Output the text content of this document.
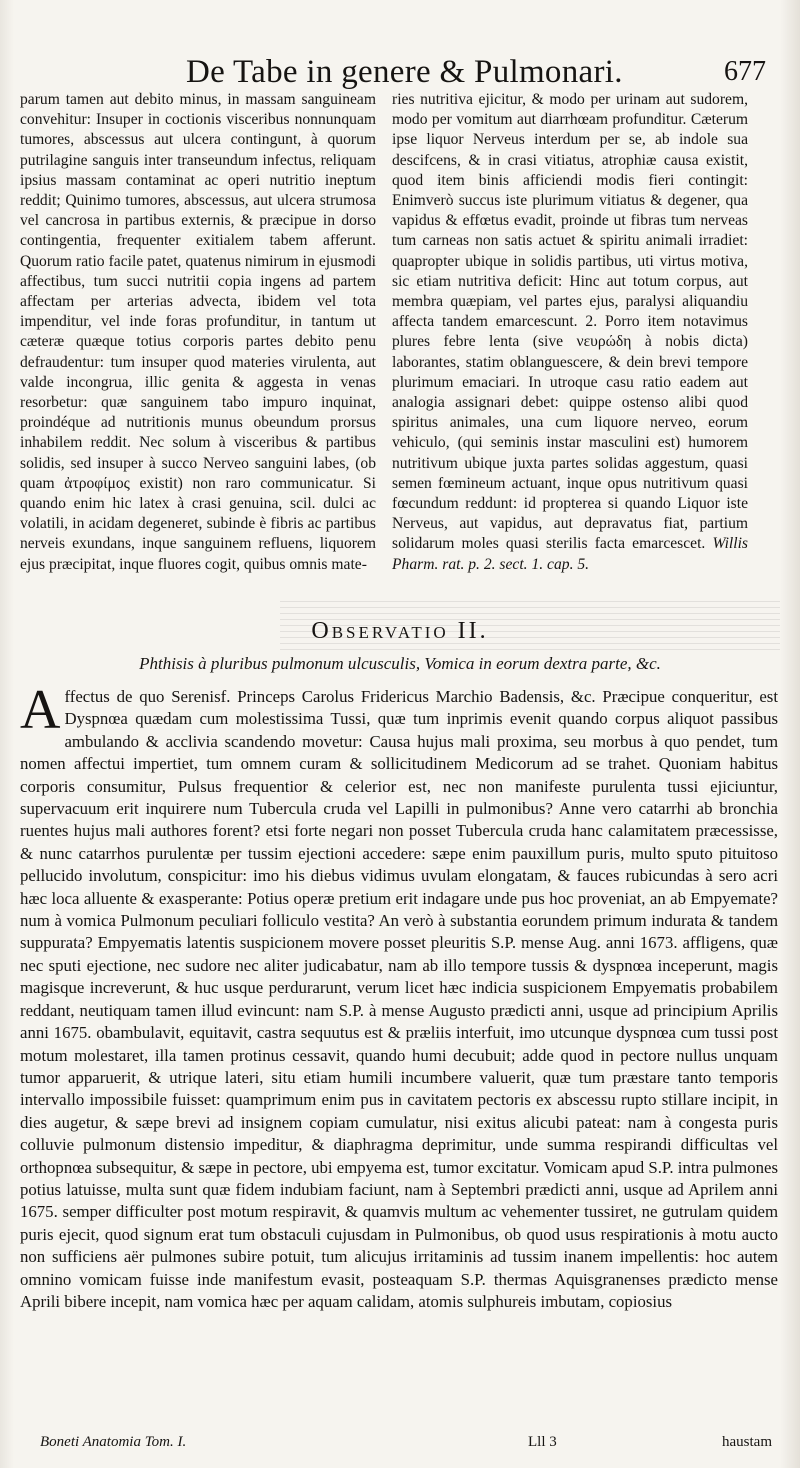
De Tabe in genere & Pulmonari.	677

parum tamen aut debito minus, in massam sanguineam convehitur: Insuper in coctionis visceribus nonnunquam tumores, abscessus aut ulcera contingunt, à quorum putrilagine sanguis inter transeundum infectus, reliquam ipsius massam contaminat ac operi nutritio ineptum reddit; Quinimo tumores, abscessus, aut ulcera strumosa vel cancrosa in partibus externis, & præcipue in dorso contingentia, frequenter exitialem tabem afferunt. Quorum ratio facile patet, quatenus nimirum in ejusmodi affectibus, tum succi nutritii copia ingens ad partem affectam per arterias advecta, ibidem vel tota impenditur, vel inde foras profunditur, in tantum ut cæteræ quæque totius corporis partes debito penu defraudentur: tum insuper quod materies virulenta, aut valde incongrua, illic genita & aggesta in venas resorbetur: quæ sanguinem tabo impuro inquinat, proindéque ad nutritionis munus obeundum prorsus inhabilem reddit. Nec solum à visceribus & partibus solidis, sed insuper à succo Nerveo sanguini labes, (ob quam ἀτροφίμος existit) non raro communicatur. Si quando enim hic latex à crasi genuina, scil. dulci ac volatili, in acidam degeneret, subinde è fibris ac partibus nerveis exundans, inque sanguinem refluens, liquorem ejus præcipitat, inque fluores cogit, quibus omnis mate-

ries nutritiva ejicitur, & modo per urinam aut sudorem, modo per vomitum aut diarrhœam profunditur. Cæterum ipse liquor Nerveus interdum per se, ab indole sua descifcens, & in crasi vitiatus, atrophiæ causa existit, quod item binis afficiendi modis fieri contingit: Enimverò succus iste plurimum vitiatus & degener, qua vapidus & effœtus evadit, proinde ut fibras tum nerveas tum carneas non satis actuet & spiritu animali irradiet: quapropter ubique in solidis partibus, uti virtus motiva, sic etiam nutritiva deficit: Hinc aut totum corpus, aut membra quæpiam, vel partes ejus, paralysi aliquandiu affecta tandem emarcescunt. 2. Porro item notavimus plures febre lenta (sive νευρώδη à nobis dicta) laborantes, statim oblanguescere, & dein brevi tempore plurimum emaciari. In utroque casu ratio eadem aut analogia assignari debet: quippe ostenso alibi quod spiritus animales, una cum liquore nerveo, eorum vehiculo, (qui seminis instar masculini est) humorem nutritivum ubique juxta partes solidas aggestum, quasi semen fœmineum actuant, inque opus nutritivum quasi fœcundum reddunt: id propterea si quando Liquor iste Nerveus, aut vapidus, aut depravatus fiat, partium solidarum moles quasi sterilis facta emarcescet. Willis Pharm. rat. p. 2. sect. 1. cap. 5.

Observatio II.
Phthisis à pluribus pulmonum ulcusculis, Vomica in eorum dextra parte, &c.

A ffectus de quo Serenisf. Princeps Carolus Fridericus Marchio Badensis, &c. Præcipue conqueritur, est Dyspnœa quædam cum molestissima Tussi, quæ tum inprimis evenit quando corpus aliquot passibus ambulando & acclivia scandendo movetur: Causa hujus mali proxima, seu morbus à quo pendet, tum nomen affectui impertiet, tum omnem curam & sollicitudinem Medicorum ad se trahet. Quoniam habitus corporis consumitur, Pulsus frequentior & celerior est, nec non manifeste purulenta tussi ejiciuntur, supervacuum erit inquirere num Tubercula cruda vel Lapilli in pulmonibus? Anne vero catarrhi ab bronchia ruentes hujus mali authores forent? etsi forte negari non posset Tubercula cruda hanc calamitatem præcessisse, & nunc catarrhos purulentæ per tussim ejectioni accedere: sæpe enim pauxillum puris, multo sputo pituitoso pellucido involutum, conspicitur: imo his diebus vidimus uvulam elongatam, & fauces rubicundas à sero acri hæc loca alluente & exasperante: Potius operæ pretium erit indagare unde pus hoc proveniat, an ab Empyemate? num à vomica Pulmonum peculiari folliculo vestita? An verò à substantia eorundem primum indurata & tandem suppurata? Empyematis latentis suspicionem movere posset pleuritis S.P. mense Aug. anni 1673. affligens, quæ nec sputi ejectione, nec sudore nec aliter judicabatur, nam ab illo tempore tussis & dyspnœa inceperunt, magis magisque increverunt, & huc usque perdurarunt, verum licet hæc indicia suspicionem Empyematis probabilem reddant, neutiquam tamen illud evincunt: nam S.P. à mense Augusto prædicti anni, usque ad principium Aprilis anni 1675. obambulavit, equitavit, castra sequutus est & præliis interfuit, imo utcunque dyspnœa cum tussi post motum molestaret, illa tamen protinus cessavit, quando humi decubuit; adde quod in pectore nullus unquam tumor apparuerit, & utrique lateri, situ etiam humili incumbere valuerit, quæ tum præstare tanto temporis intervallo impossibile fuisset: quamprimum enim pus in cavitatem pectoris ex abscessu rupto stillare incipit, in dies augetur, & sæpe brevi ad insignem copiam cumulatur, nisi exitus alicubi pateat: nam à congesta puris colluvie pulmonum distensio impeditur, & diaphragma deprimitur, unde summa respirandi difficultas vel orthopnœa subsequitur, & sæpe in pectore, ubi empyema est, tumor excitatur. Vomicam apud S.P. intra pulmones potius latuisse, multa sunt quæ fidem indubiam faciunt, nam à Septembri prædicti anni, usque ad Aprilem anni 1675. semper difficulter post motum respiravit, & quamvis multum ac vehementer tussiret, ne gutrulam quidem puris ejecit, quod signum erat tum obstaculi cujusdam in Pulmonibus, ob quod usus respirationis à motu aucto non sufficiens aër pulmones subire potuit, tum alicujus irritaminis ad tussim inanem impellentis: hoc autem omnino vomicam fuisse inde manifestum evasit, posteaquam S.P. thermas Aquisgranenses prædicto mense Aprili bibere incepit, nam vomica hæc per aquam calidam, atomis sulphureis imbutam, copiosius

Boneti Anatomia Tom. I.	Lll 3	haustam
